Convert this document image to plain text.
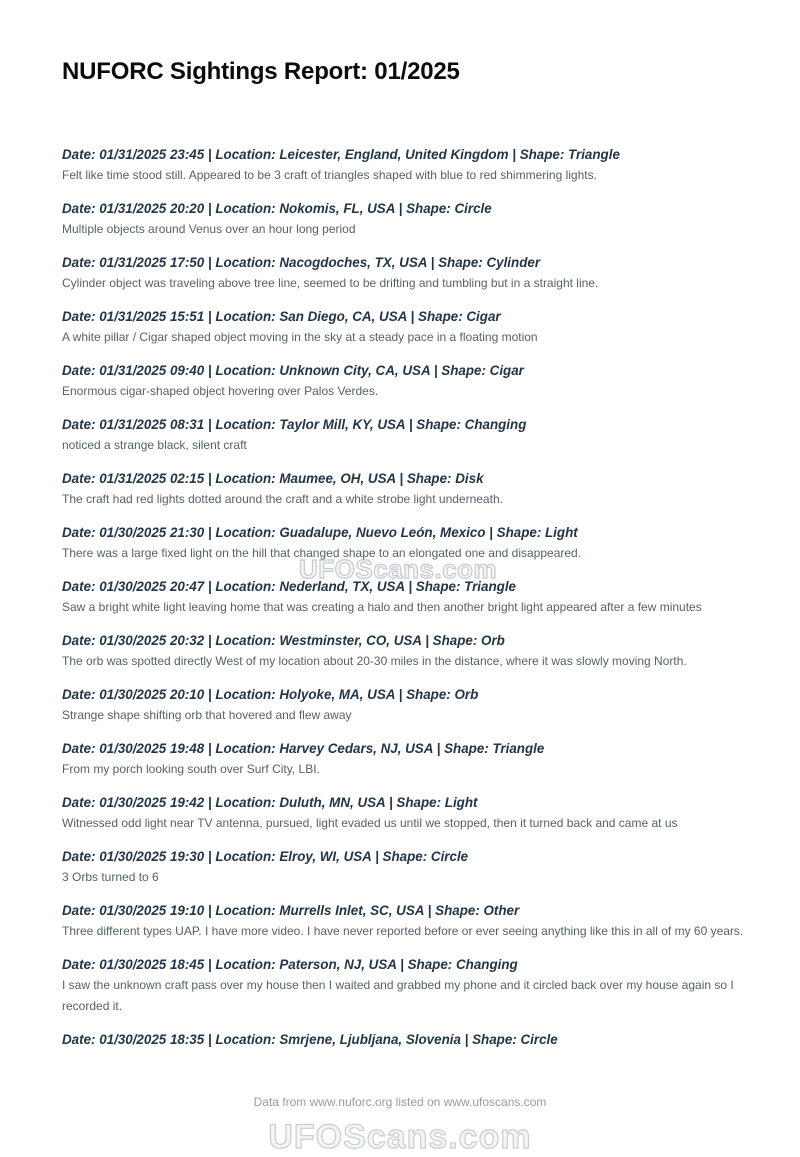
UFOScans.com
UFOScans.com
NUFORC Sightings Report: 01/2025
Date: 01/31/2025 23:45 | Location: Leicester, England, United Kingdom | Shape: Triangle
Felt like time stood still. Appeared to be 3 craft of triangles shaped with blue to red shimmering lights.
Date: 01/31/2025 20:20 | Location: Nokomis, FL, USA | Shape: Circle
Multiple objects around Venus over an hour long period
Date: 01/31/2025 17:50 | Location: Nacogdoches, TX, USA | Shape: Cylinder
Cylinder object was traveling above tree line, seemed to be drifting and tumbling but in a straight line.
Date: 01/31/2025 15:51 | Location: San Diego, CA, USA | Shape: Cigar
A white pillar / Cigar shaped object moving in the sky at a steady pace in a floating motion
Date: 01/31/2025 09:40 | Location: Unknown City, CA, USA | Shape: Cigar
Enormous cigar-shaped object hovering over Palos Verdes.
Date: 01/31/2025 08:31 | Location: Taylor Mill, KY, USA | Shape: Changing
noticed a strange black, silent craft
Date: 01/31/2025 02:15 | Location: Maumee, OH, USA | Shape: Disk
The craft had red lights dotted around the craft and a white strobe light underneath.
Date: 01/30/2025 21:30 | Location: Guadalupe, Nuevo León, Mexico | Shape: Light
There was a large fixed light on the hill that changed shape to an elongated one and disappeared.
Date: 01/30/2025 20:47 | Location: Nederland, TX, USA | Shape: Triangle
Saw a bright white light leaving home that was creating a halo and then another bright light appeared after a few minutes
Date: 01/30/2025 20:32 | Location: Westminster, CO, USA | Shape: Orb
The orb was spotted directly West of my location about 20-30 miles in the distance, where it was slowly moving North.
Date: 01/30/2025 20:10 | Location: Holyoke, MA, USA | Shape: Orb
Strange shape shifting orb that hovered and flew away
Date: 01/30/2025 19:48 | Location: Harvey Cedars, NJ, USA | Shape: Triangle
From my porch looking south over Surf City, LBI.
Date: 01/30/2025 19:42 | Location: Duluth, MN, USA | Shape: Light
Witnessed odd light near TV antenna, pursued, light evaded us until we stopped, then it turned back and came at us
Date: 01/30/2025 19:30 | Location: Elroy, WI, USA | Shape: Circle
3 Orbs turned to 6
Date: 01/30/2025 19:10 | Location: Murrells Inlet, SC, USA | Shape: Other
Three different types UAP. I have more video. I have never reported before or ever seeing anything like this in all of my 60 years.
Date: 01/30/2025 18:45 | Location: Paterson, NJ, USA | Shape: Changing
I saw the unknown craft pass over my house then I waited and grabbed my phone and it circled back over my house again so I recorded it.
Date: 01/30/2025 18:35 | Location: Smrjene, Ljubljana, Slovenia | Shape: Circle
Data from www.nuforc.org listed on www.ufoscans.com
